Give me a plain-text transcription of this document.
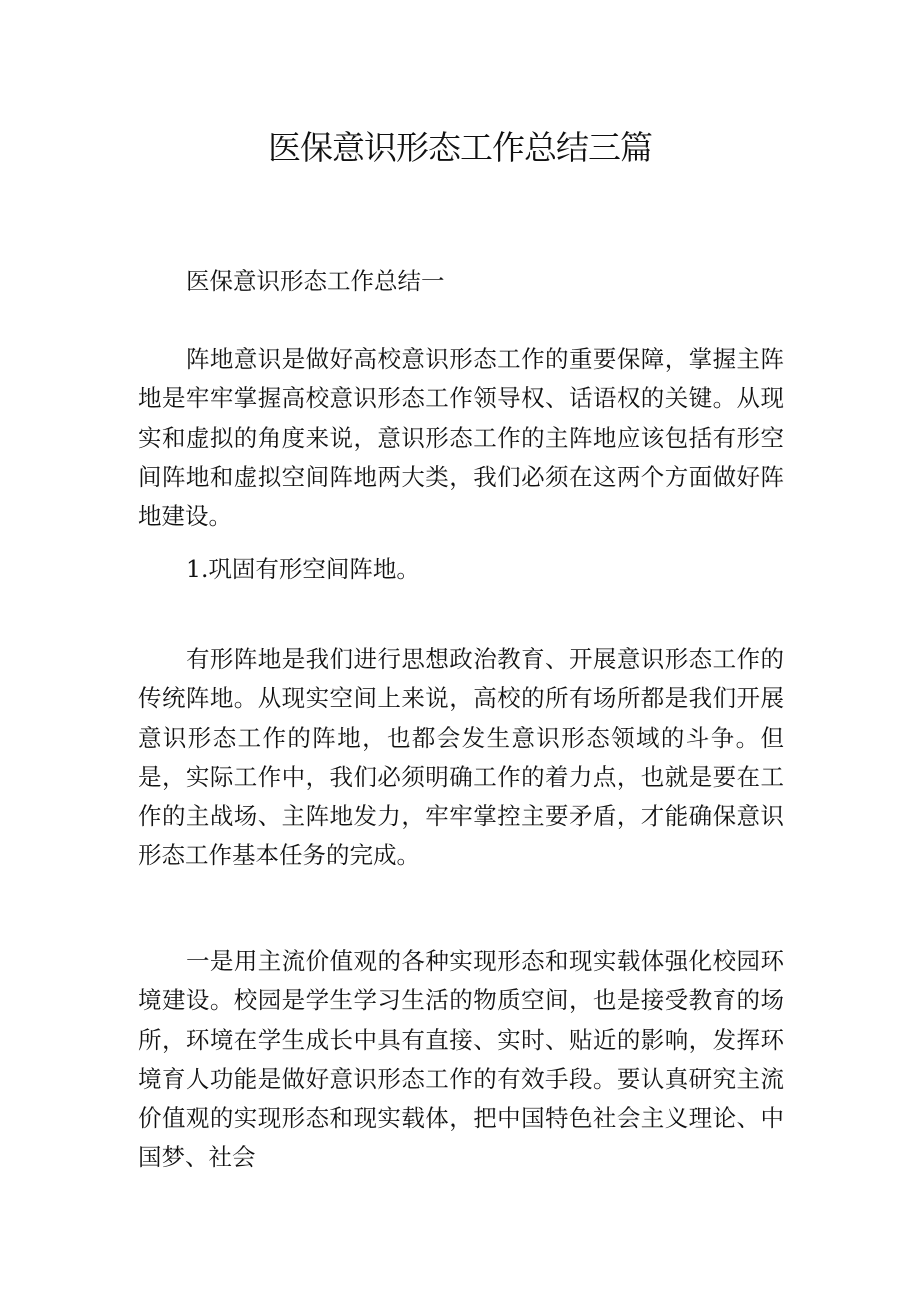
医保意识形态工作总结三篇

医保意识形态工作总结一

阵地意识是做好高校意识形态工作的重要保障，掌握主阵地是牢牢掌握高校意识形态工作领导权、话语权的关键。从现实和虚拟的角度来说，意识形态工作的主阵地应该包括有形空间阵地和虚拟空间阵地两大类，我们必须在这两个方面做好阵地建设。

1.巩固有形空间阵地。

有形阵地是我们进行思想政治教育、开展意识形态工作的传统阵地。从现实空间上来说，高校的所有场所都是我们开展意识形态工作的阵地，也都会发生意识形态领域的斗争。但是，实际工作中，我们必须明确工作的着力点，也就是要在工作的主战场、主阵地发力，牢牢掌控主要矛盾，才能确保意识形态工作基本任务的完成。

一是用主流价值观的各种实现形态和现实载体强化校园环境建设。校园是学生学习生活的物质空间，也是接受教育的场所，环境在学生成长中具有直接、实时、贴近的影响，发挥环境育人功能是做好意识形态工作的有效手段。要认真研究主流价值观的实现形态和现实载体，把中国特色社会主义理论、中国梦、社会
